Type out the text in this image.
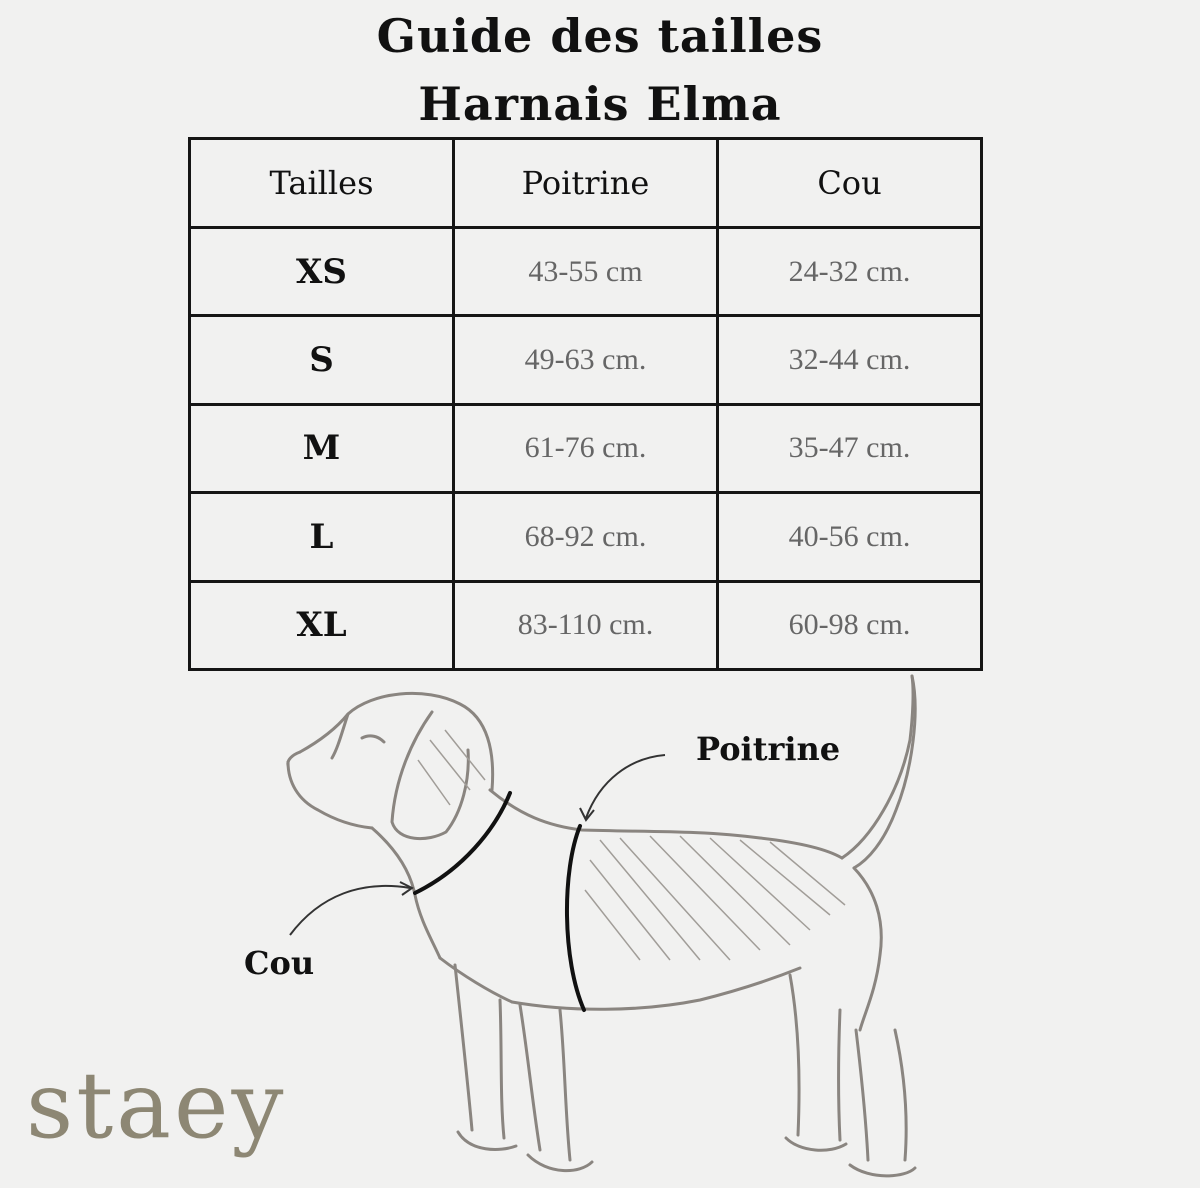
Guide des tailles
Harnais Elma
Tailles	Poitrine	Cou
XS	43-55 cm	24-32 cm.
S	49-63 cm.	32-44 cm.
M	61-76 cm.	35-47 cm.
L	68-92 cm.	40-56 cm.
XL	83-110 cm.	60-98 cm.
Poitrine
Cou
staey
